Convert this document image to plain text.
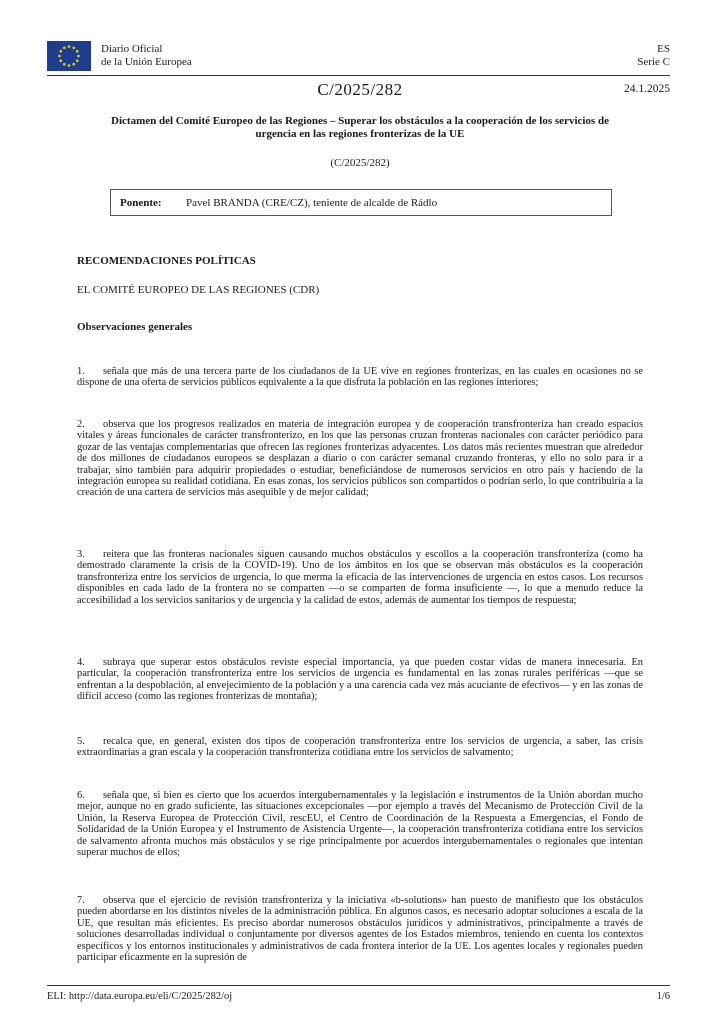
Diario Oficial
de la Unión Europea
ES
Serie C
C/2025/282	24.1.2025
Dictamen del Comité Europeo de las Regiones – Superar los obstáculos a la cooperación de los servicios de urgencia en las regiones fronterizas de la UE
(C/2025/282)
Ponente: Pavel BRANDA (CRE/CZ), teniente de alcalde de Rádlo
RECOMENDACIONES POLÍTICAS
EL COMITÉ EUROPEO DE LAS REGIONES (CDR)
Observaciones generales
1. señala que más de una tercera parte de los ciudadanos de la UE vive en regiones fronterizas, en las cuales en ocasiones no se dispone de una oferta de servicios públicos equivalente a la que disfruta la población en las regiones interiores;
2. observa que los progresos realizados en materia de integración europea y de cooperación transfronteriza han creado espacios vitales y áreas funcionales de carácter transfronterizo, en los que las personas cruzan fronteras nacionales con carácter periódico para gozar de las ventajas complementarias que ofrecen las regiones fronterizas adyacentes. Los datos más recientes muestran que alrededor de dos millones de ciudadanos europeos se desplazan a diario o con carácter semanal cruzando fronteras, y ello no solo para ir a trabajar, sino también para adquirir propiedades o estudiar, beneficiándose de numerosos servicios en otro país y haciendo de la integración europea su realidad cotidiana. En esas zonas, los servicios públicos son compartidos o podrían serlo, lo que contribuiría a la creación de una cartera de servicios más asequible y de mejor calidad;
3. reitera que las fronteras nacionales siguen causando muchos obstáculos y escollos a la cooperación transfronteriza (como ha demostrado claramente la crisis de la COVID-19). Uno de los ámbitos en los que se observan más obstáculos es la cooperación transfronteriza entre los servicios de urgencia, lo que merma la eficacia de las intervenciones de urgencia en estos casos. Los recursos disponibles en cada lado de la frontera no se comparten —o se comparten de forma insuficiente —, lo que a menudo reduce la accesibilidad a los servicios sanitarios y de urgencia y la calidad de estos, además de aumentar los tiempos de respuesta;
4. subraya que superar estos obstáculos reviste especial importancia, ya que pueden costar vidas de manera innecesaria. En particular, la cooperación transfronteriza entre los servicios de urgencia es fundamental en las zonas rurales periféricas —que se enfrentan a la despoblación, al envejecimiento de la población y a una carencia cada vez más acuciante de efectivos— y en las zonas de difícil acceso (como las regiones fronterizas de montaña);
5. recalca que, en general, existen dos tipos de cooperación transfronteriza entre los servicios de urgencia, a saber, las crisis extraordinarias a gran escala y la cooperación transfronteriza cotidiana entre los servicios de salvamento;
6. señala que, si bien es cierto que los acuerdos intergubernamentales y la legislación e instrumentos de la Unión abordan mucho mejor, aunque no en grado suficiente, las situaciones excepcionales —por ejemplo a través del Mecanismo de Protección Civil de la Unión, la Reserva Europea de Protección Civil, rescEU, el Centro de Coordinación de la Respuesta a Emergencias, el Fondo de Solidaridad de la Unión Europea y el Instrumento de Asistencia Urgente—, la cooperación transfronteriza cotidiana entre los servicios de salvamento afronta muchos más obstáculos y se rige principalmente por acuerdos intergubernamentales o regionales que intentan superar muchos de ellos;
7. observa que el ejercicio de revisión transfronteriza y la iniciativa «b-solutions» han puesto de manifiesto que los obstáculos pueden abordarse en los distintos niveles de la administración pública. En algunos casos, es necesario adoptar soluciones a escala de la UE, que resultan más eficientes. Es preciso abordar numerosos obstáculos jurídicos y administrativos, principalmente a través de soluciones desarrolladas individual o conjuntamente por diversos agentes de los Estados miembros, teniendo en cuenta los contextos específicos y los entornos institucionales y administrativos de cada frontera interior de la UE. Los agentes locales y regionales pueden participar eficazmente en la supresión de
ELI: http://data.europa.eu/eli/C/2025/282/oj	1/6
